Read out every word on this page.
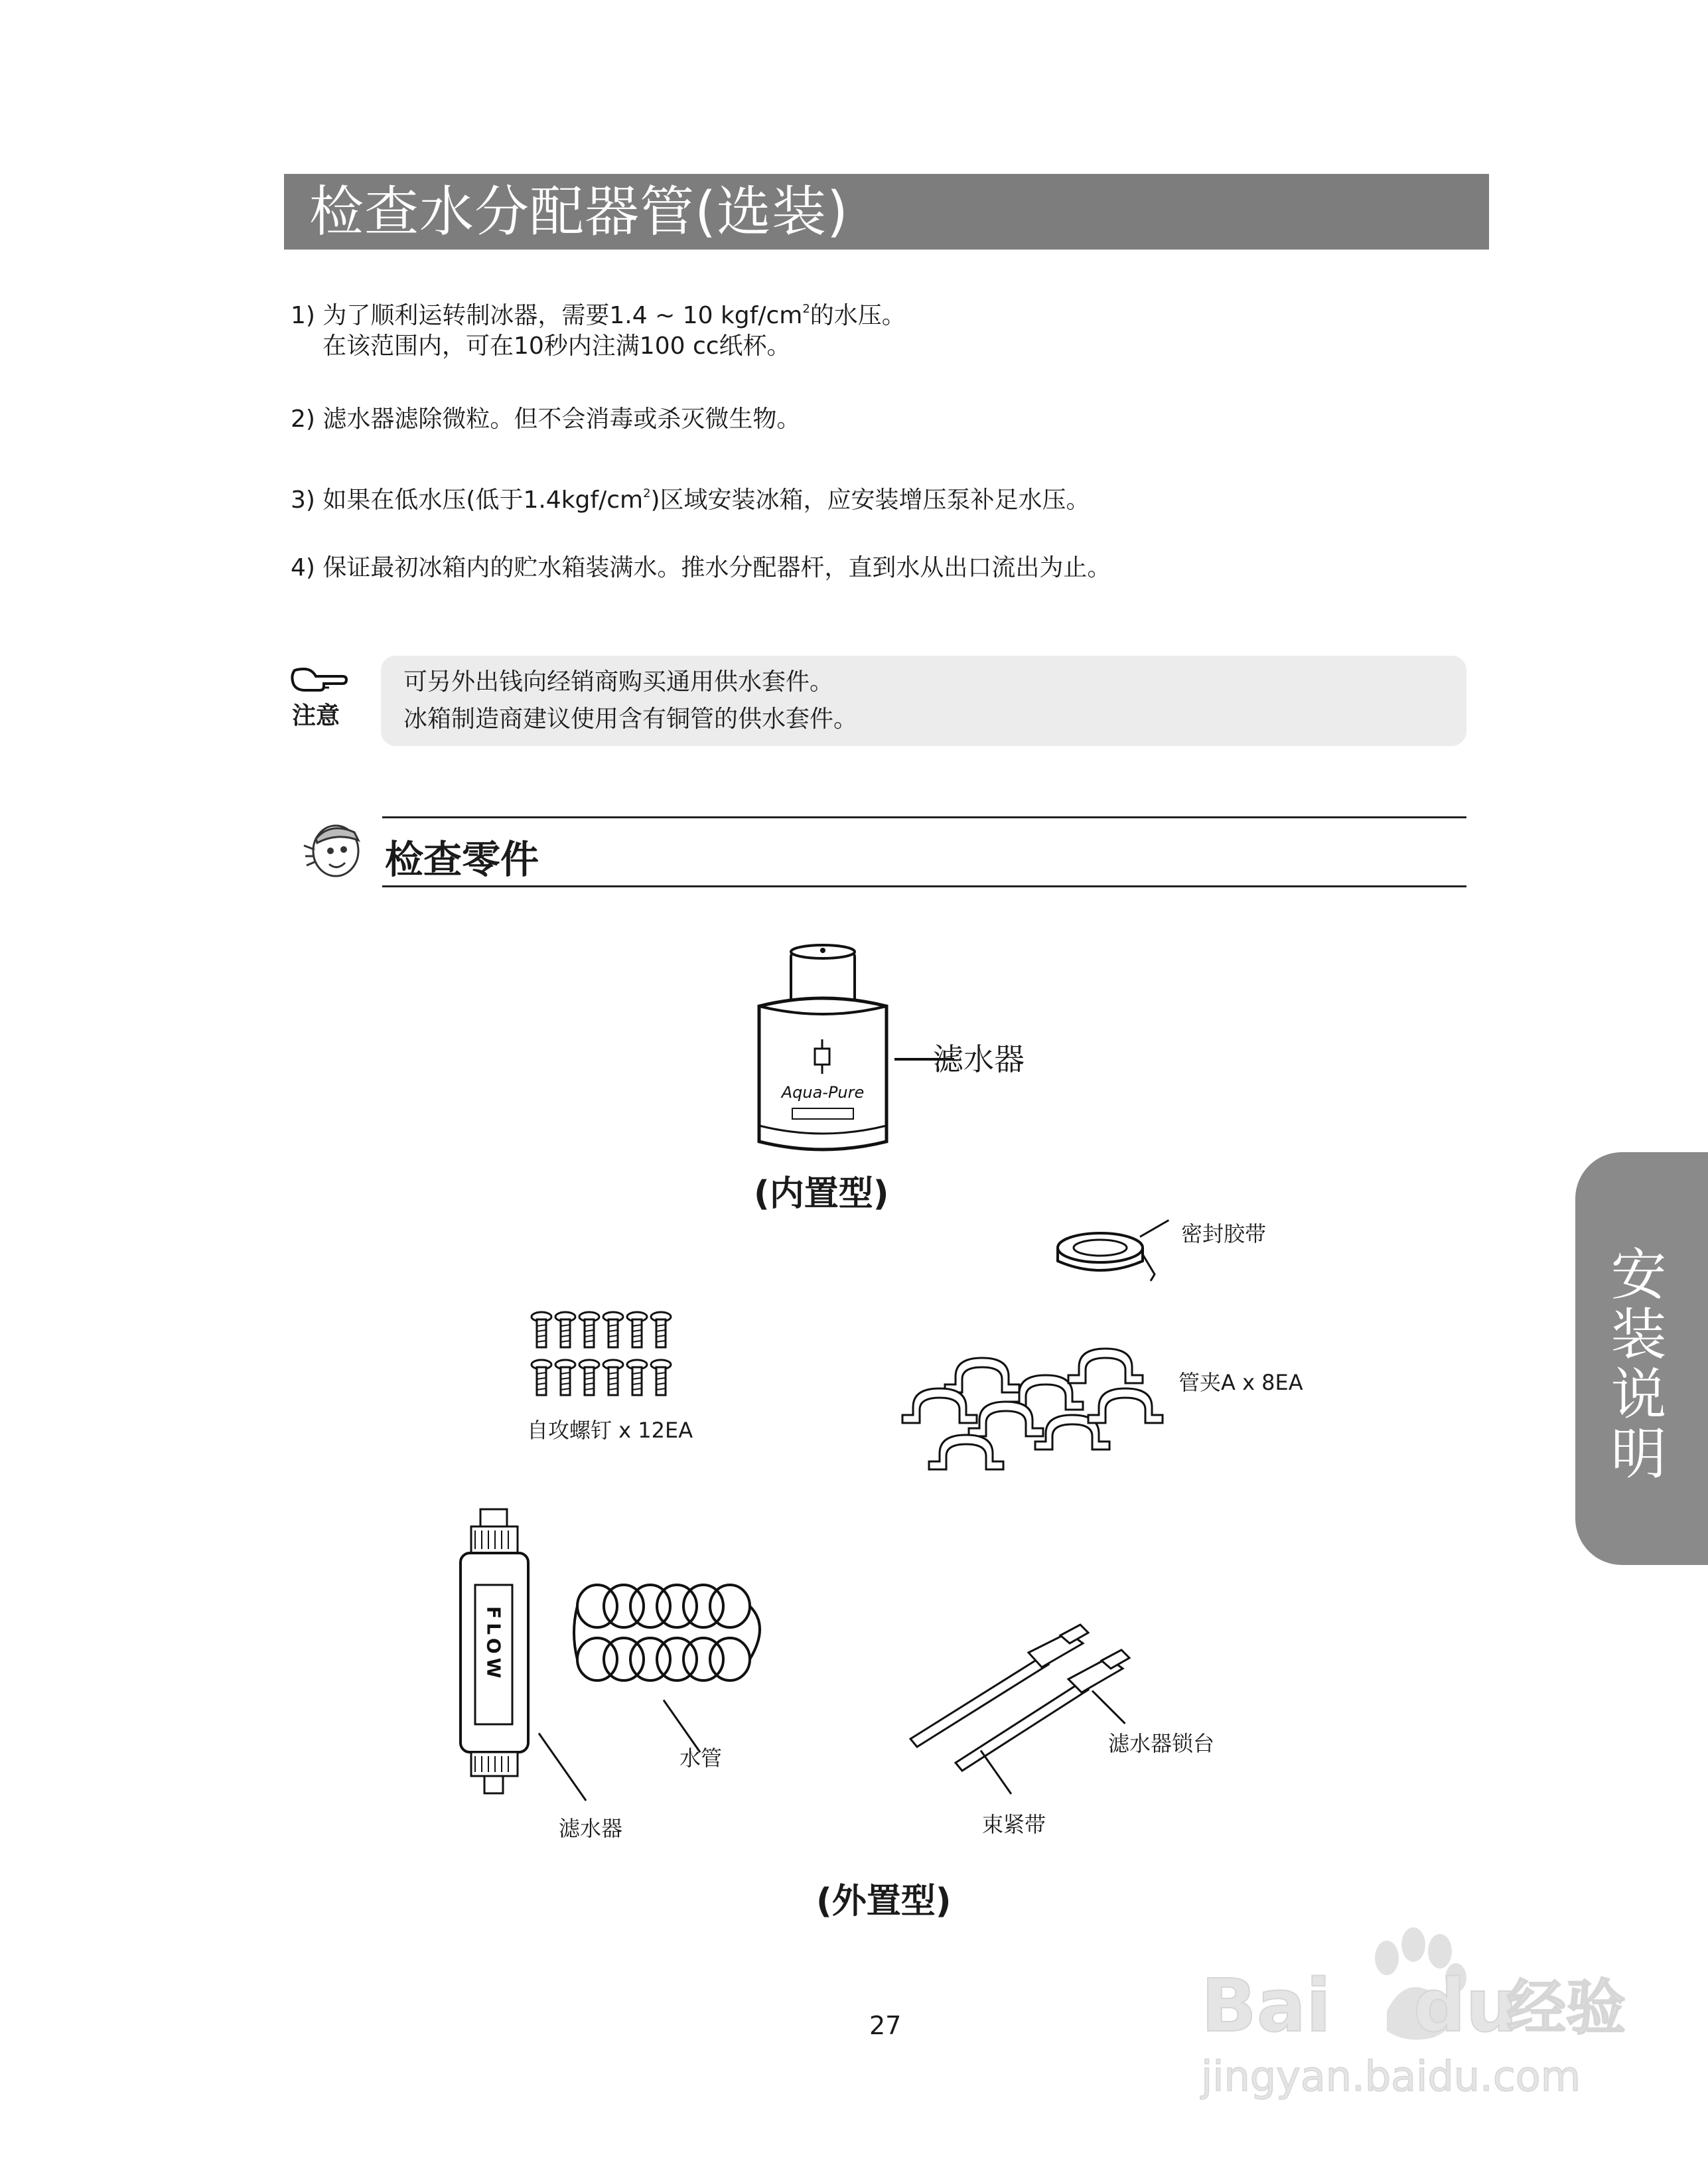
检查水分配器管(选装)
1) 为了顺利运转制冰器，需要1.4 ~ 10 kgf/$cm^2$的水压。
在该范围内，可在10秒内注满100 cc纸杯。
2) 滤水器滤除微粒。但不会消毒或杀灭微生物。
3) 如果在低水压(低于$1.4kgf/cm^2$)区域安装冰箱，应安装增压泵补足水压。
4) 保证最初冰箱内的贮水箱装满水。推水分配器杆，直到水从出口流出为止。
注意
可另外出钱向经销商购买通用供水套件。
冰箱制造商建议使用含有铜管的供水套件。
检查零件
Aqua-Pure
滤水器
(内置型)
密封胶带
自攻螺钉 x 12EA
管夹A x 8EA
FLOW
滤水器
水管
滤水器锁台
束紧带
(外置型)
安装说明
27	Bai du
经验
jingyan.baidu.com
